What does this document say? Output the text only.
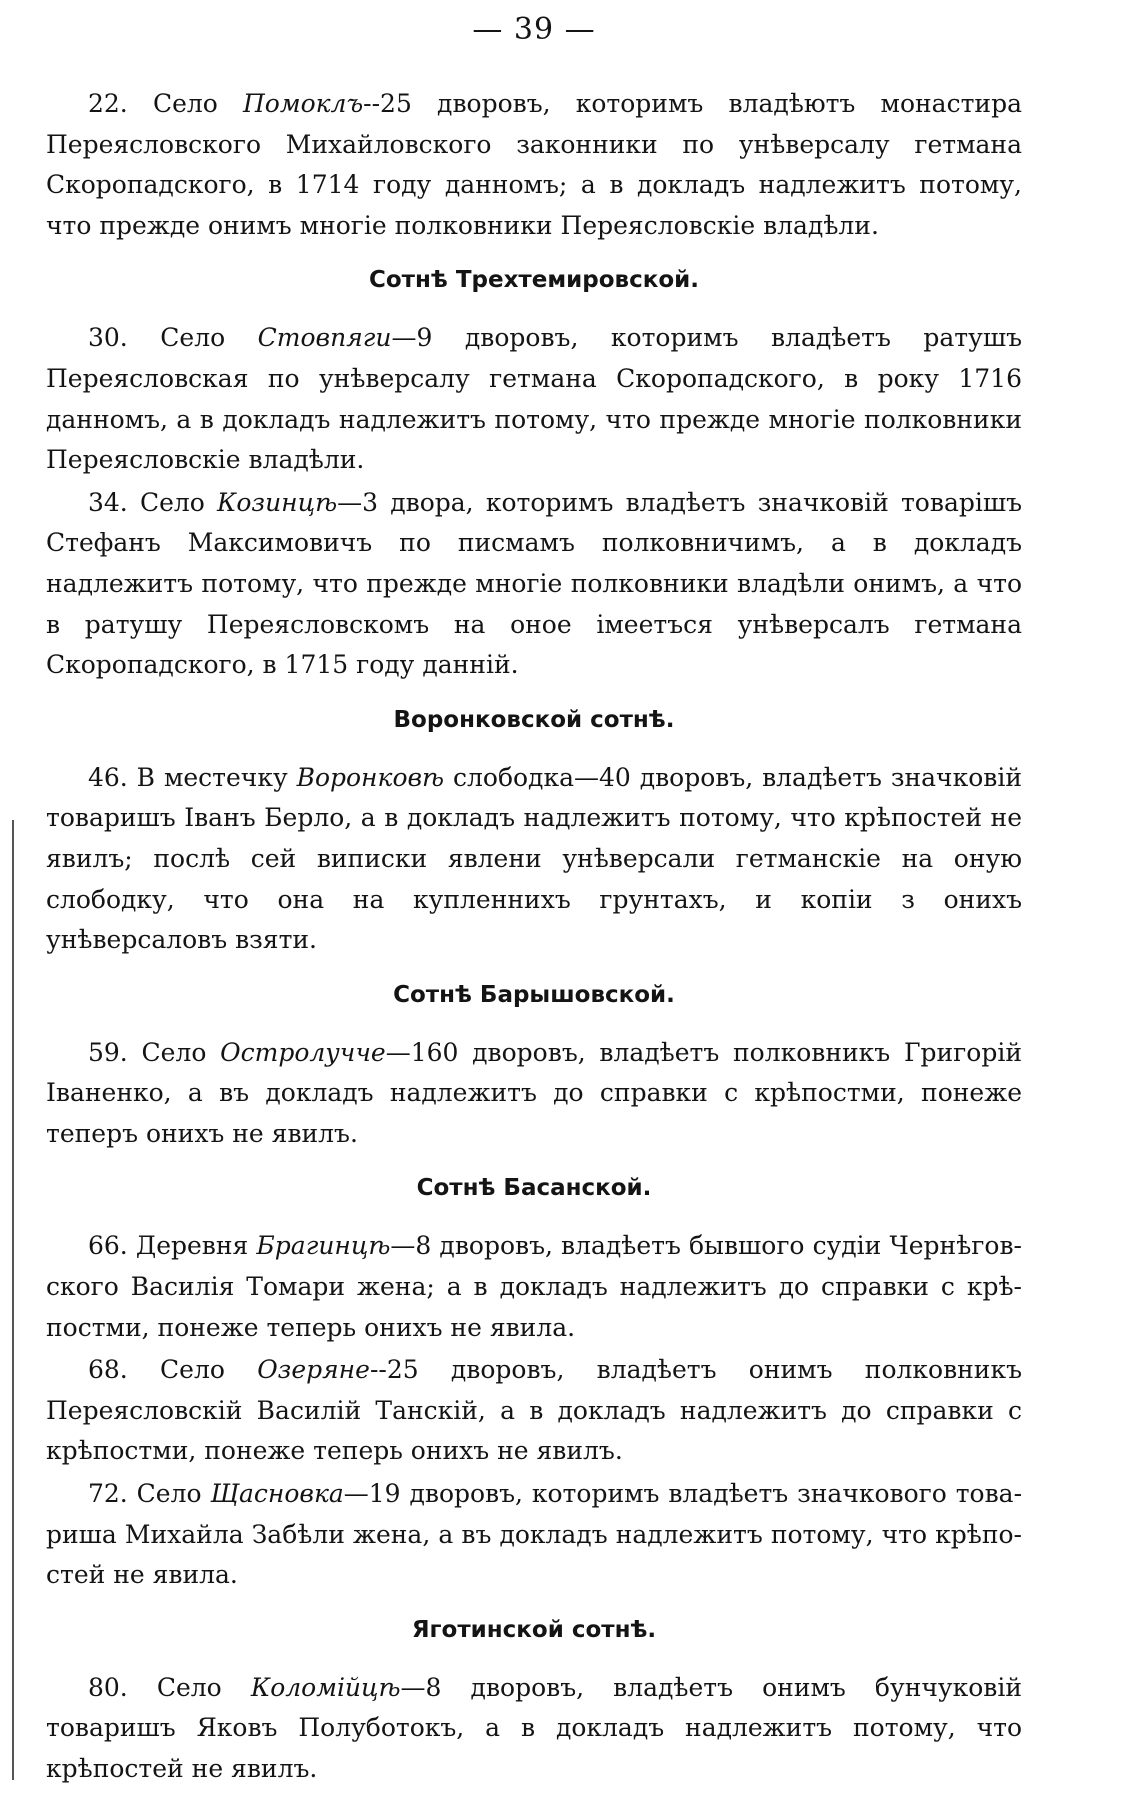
— 39 —

22. Село Помоклъ--25 дворовъ, которимъ владѣютъ монастира Переясловского Михайловского законники по унѣверсалу гетмана Скоропадского, в 1714 году данномъ; а в докладъ надлежитъ потому, что прежде онимъ многіе полковники Переясловскіе владѣли.

Сотнѣ Трехтемировской.

30. Село Стовпяги—9 дворовъ, которимъ владѣетъ ратушъ Переясловская по унѣверсалу гетмана Скоропадского, в року 1716 данномъ, а в докладъ надлежитъ потому, что прежде многіе полковники Переясловскіе владѣли.

34. Село Козинцѣ—3 двора, которимъ владѣетъ значковій товарішъ Стефанъ Максимовичъ по писмамъ полковничимъ, а в докладъ надлежитъ потому, что прежде многіе полковники владѣли онимъ, а что в ратушу Переясловскомъ на оное імеетъся унѣверсалъ гетмана Скоропадского, в 1715 году даннiй.

Воронковской сотнѣ.

46. В местечку Воронковѣ слободка—40 дворовъ, владѣетъ значковій товаришъ Іванъ Берло, а в докладъ надлежитъ потому, что крѣпостей не явилъ; послѣ сей виписки явлени унѣверсали гетманскіе на оную слободку, что она на купленнихъ грунтахъ, и копіи з онихъ унѣверсаловъ взяти.

Сотнѣ Барышовской.

59. Село Остролучче—160 дворовъ, владѣетъ полковникъ Григорій Іваненко, а въ докладъ надлежитъ до справки с крѣпостми, понеже теперъ онихъ не явилъ.

Сотнѣ Басанской.

66. Деревня Брагинцѣ—8 дворовъ, владѣетъ бывшого судіи Чернѣговского Василія Томари жена; а в докладъ надлежитъ до справки с крѣпостми, понеже теперь онихъ не явила.

68. Село Озеряне--25 дворовъ, владѣетъ онимъ полковникъ Переясловскій Василій Танскій, а в докладъ надлежитъ до справки с крѣпостми, понеже теперь онихъ не явилъ.

72. Село Щасновка—19 дворовъ, которимъ владѣетъ значкового товариша Михайла Забѣли жена, а въ докладъ надлежитъ потому, что крѣпостей не явила.

Яготинской сотнѣ.

80. Село Коломійцѣ—8 дворовъ, владѣетъ онимъ бунчуковій товаришъ Яковъ Полуботокъ, а в докладъ надлежитъ потому, что крѣпостей не явилъ.
